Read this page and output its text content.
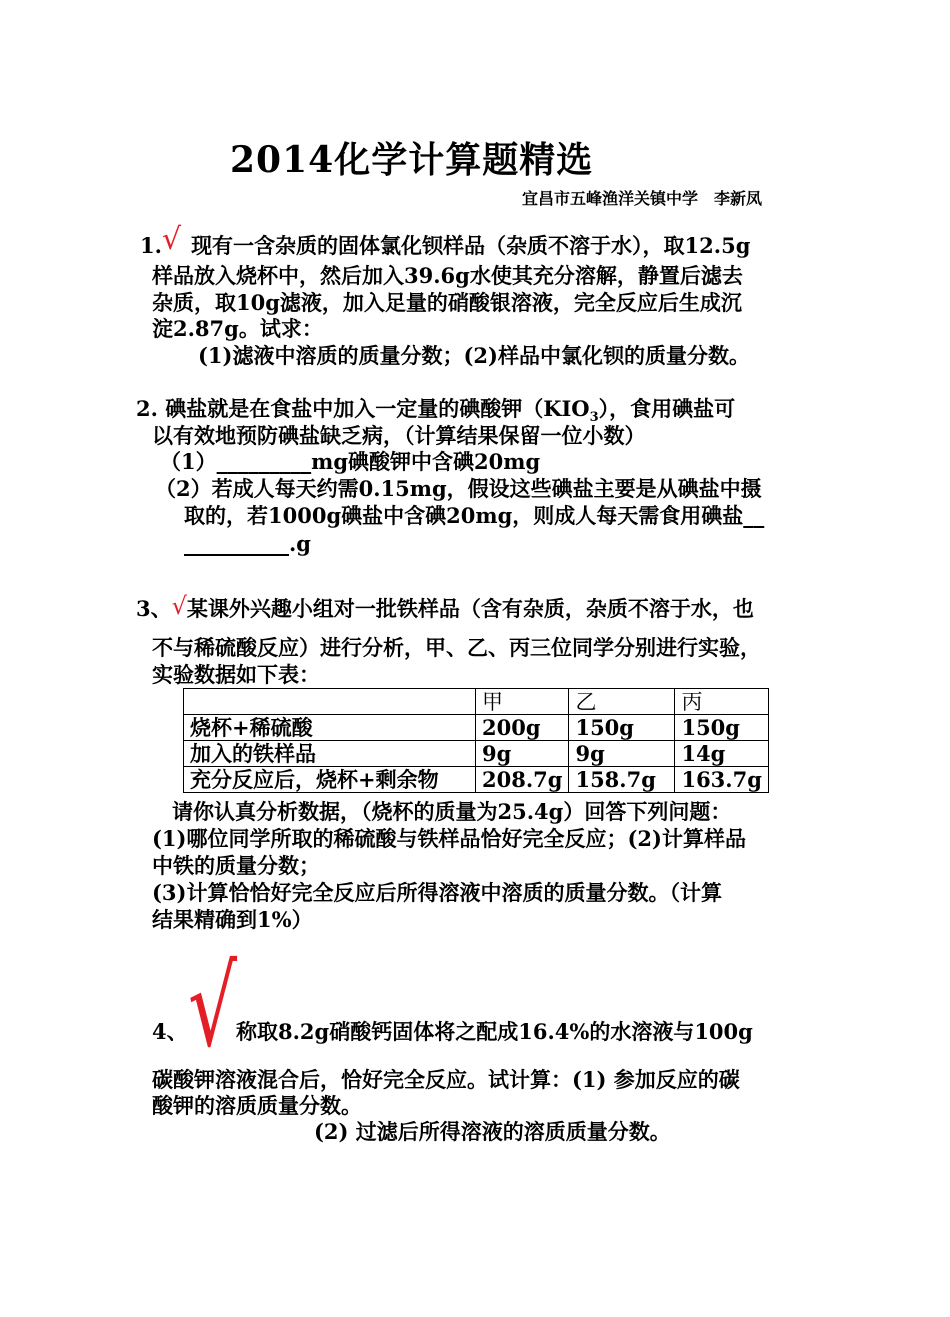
2014化学计算题精选
宜昌市五峰渔洋关镇中学　李新凤
1.√ 现有一含杂质的固体氯化钡样品（杂质不溶于水），取12.5g
样品放入烧杯中，然后加入39.6g水使其充分溶解，静置后滤去
杂质，取10g滤液，加入足量的硝酸银溶液，完全反应后生成沉
淀2.87g。试求：
(1)滤液中溶质的质量分数；(2)样品中氯化钡的质量分数。
2. 碘盐就是在食盐中加入一定量的碘酸钾$(KIO_3)$，食用碘盐可
以有效地预防碘盐缺乏病，（计算结果保留一位小数）
（1）_________mg碘酸钾中含碘20mg
（2）若成人每天约需0.15mg，假设这些碘盐主要是从碘盐中摄
取的，若1000g碘盐中含碘20mg，则成人每天需食用碘盐__
__________.g
3、√某课外兴趣小组对一批铁样品（含有杂质，杂质不溶于水，也
不与稀硫酸反应）进行分析，甲、乙、丙三位同学分别进行实验，
实验数据如下表：
	甲	乙	丙
烧杯+稀硫酸	200g	150g	150g
加入的铁样品	9g	9g	14g
充分反应后，烧杯+剩余物	208.7g	158.7g	163.7g
请你认真分析数据，（烧杯的质量为25.4g）回答下列问题：
(1)哪位同学所取的稀硫酸与铁样品恰好完全反应；(2)计算样品
中铁的质量分数；
(3)计算恰恰好完全反应后所得溶液中溶质的质量分数。（计算
结果精确到1%）
4、 √
称取8.2g硝酸钙固体将之配成16.4%的水溶液与100g
碳酸钾溶液混合后，恰好完全反应。试计算：(1) 参加反应的碳
酸钾的溶质质量分数。
(2) 过滤后所得溶液的溶质质量分数。
